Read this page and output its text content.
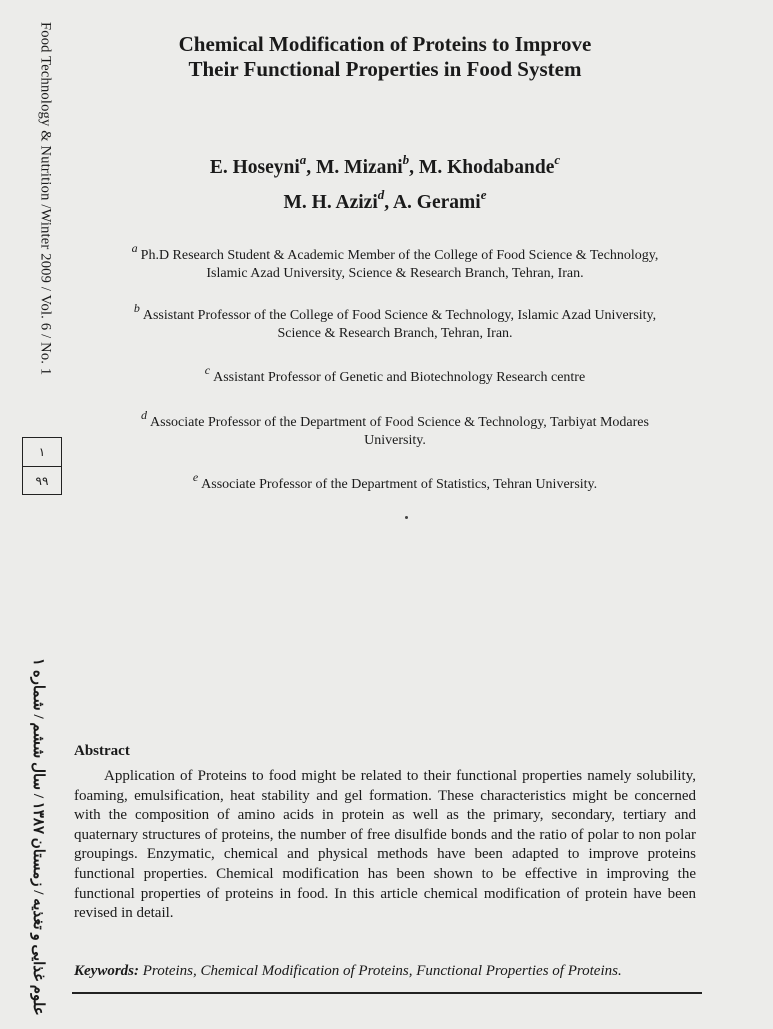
Food Technology & Nutrition /Winter 2009 / Vol. 6 / No. 1
١
۹۹
علوم غذایی و تغذیه / زمستان ۱۳۸۷ / سال ششم / شماره ۱
Chemical Modification of Proteins to Improve
Their Functional Properties in Food System
E. Hoseyni$^a$, M. Mizani$^b$, M. Khodabande$^c$
M. H. Azizi$^d$, A. Gerami$^e$
$^a$ Ph.D Research Student & Academic Member of the College of Food Science & Technology,
Islamic Azad University, Science & Research Branch, Tehran, Iran.
$^b$ Assistant Professor of the College of Food Science & Technology, Islamic Azad University,
Science & Research Branch, Tehran, Iran.
$^c$ Assistant Professor of Genetic and Biotechnology Research centre
$^d$ Associate Professor of the Department of Food Science & Technology, Tarbiyat Modares
University.
$^e$ Associate Professor of the Department of Statistics, Tehran University.
Abstract

Application of Proteins to food might be related to their functional properties namely solubility, foaming, emulsification, heat stability and gel formation. These characteristics might be concerned with the composition of amino acids in protein as well as the primary, secondary, tertiary and quaternary structures of proteins, the number of free disulfide bonds and the ratio of polar to non polar groupings. Enzymatic, chemical and physical methods have been adapted to improve proteins functional properties. Chemical modification has been shown to be effective in improving the functional properties of proteins in food. In this article chemical modification of protein have been revised in detail.

Keywords: Proteins, Chemical Modification of Proteins, Functional Properties of Proteins.
